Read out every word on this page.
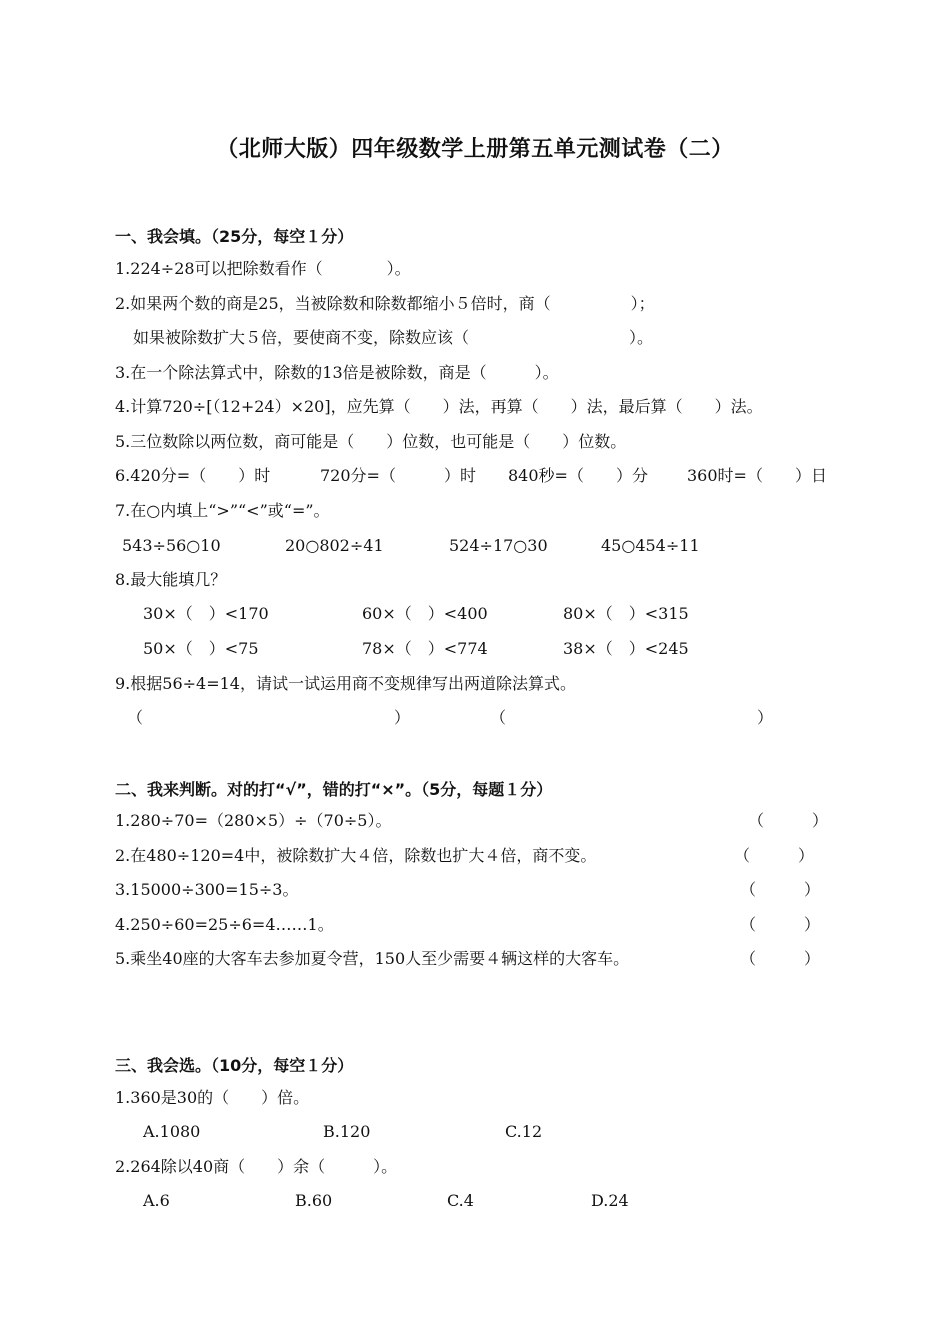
（北师大版）四年级数学上册第五单元测试卷（二）
一、我会填。（25分，每空１分）
1.224÷28可以把除数看作（　　　　）。
2.如果两个数的商是25，当被除数和除数都缩小５倍时，商（　　　　　）；
如果被除数扩大５倍，要使商不变，除数应该（　　　　　　　　　　）。
3.在一个除法算式中，除数的13倍是被除数，商是（　　　）。
4.计算720÷[（12+24）×20]，应先算（　　）法，再算（　　）法，最后算（　　）法。
5.三位数除以两位数，商可能是（　　）位数，也可能是（　　）位数。
6.420分=（　　）时	720分=（　　　）时 840秒=（　　）分 360时=（　　）日
7.在○内填上“>”“<”或“=”。
543÷56○10	20○802÷41	524÷17○30	45○454÷11
8.最大能填几？
30×（　）<170	60×（　）<400	80×（　）<315
50×（　）<75	78×（　）<774	38×（　）<245
9.根据56÷4=14，请试一试运用商不变规律写出两道除法算式。
（	）	（	）
二、我来判断。对的打“√”，错的打“×”。（5分，每题１分）
1.280÷70=（280×5）÷（70÷5）。	（　　　）
2.在480÷120=4中，被除数扩大４倍，除数也扩大４倍，商不变。	（　　　）
3.15000÷300=15÷3。	（　　　）
4.250÷60=25÷6=4……1。	（　　　）
5.乘坐40座的大客车去参加夏令营，150人至少需要４辆这样的大客车。	（　　　）
三、我会选。（10分，每空１分）
1.360是30的（　　）倍。
A.1080	B.120	C.12
2.264除以40商（　　）余（　　　）。
A.6	B.60	C.4	D.24
